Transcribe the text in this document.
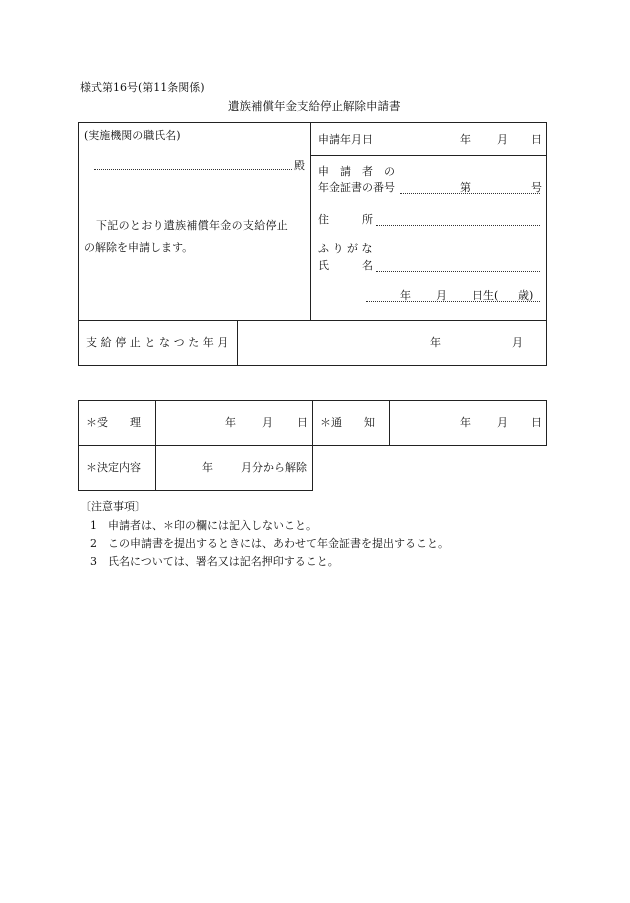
様式第16号(第11条関係)
遺族補償年金支給停止解除申請書
(実施機関の職氏名)
殿
下記のとおり遺族補償年金の支給停止
の解除を申請します。
申請年月日	年 月 日
申　請　者　の
年金証書の番号	第	号
住　　　所
ふ り が な
氏　　　名
年 月 日生( 歳)
支給停止となつた年月	年	月
＊受　　理	年 月 日 ＊通　　知	年 月 日
＊決定内容	年	月分から解除
〔注意事項〕
1　申請者は、＊印の欄には記入しないこと。
2　この申請書を提出するときには、あわせて年金証書を提出すること。
3　氏名については、署名又は記名押印すること。
